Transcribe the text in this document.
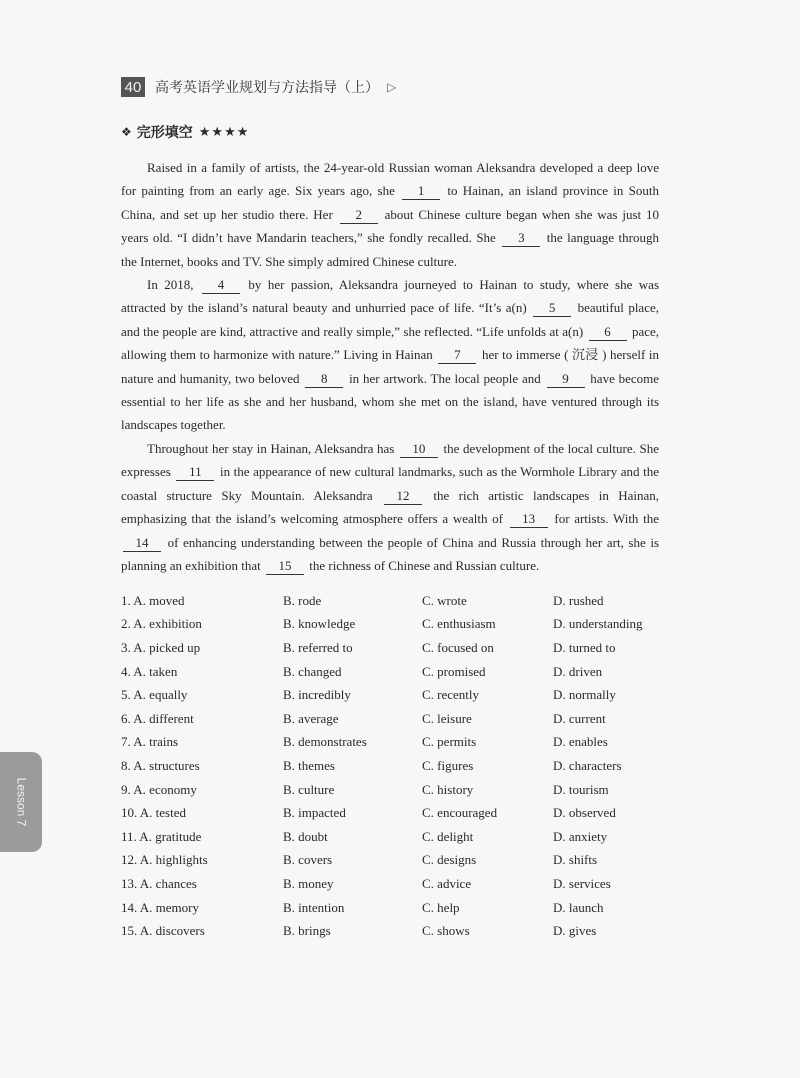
40 高考英语学业规划与方法指导（上） ▷
❖ 完形填空 ★★★★

Raised in a family of artists, the 24-year-old Russian woman Aleksandra developed a deep love for painting from an early age. Six years ago, she 1 to Hainan, an island province in South China, and set up her studio there. Her 2 about Chinese culture began when she was just 10 years old. “I didn’t have Mandarin teachers,” she fondly recalled. She 3 the language through the Internet, books and TV. She simply admired Chinese culture.

In 2018, 4 by her passion, Aleksandra journeyed to Hainan to study, where she was attracted by the island’s natural beauty and unhurried pace of life. “It’s a(n) 5 beautiful place, and the people are kind, attractive and really simple,” she reflected. “Life unfolds at a(n) 6 pace, allowing them to harmonize with nature.” Living in Hainan 7 her to immerse ( 沉浸 ) herself in nature and humanity, two beloved 8 in her artwork. The local people and 9 have become essential to her life as she and her husband, whom she met on the island, have ventured through its landscapes together.

Throughout her stay in Hainan, Aleksandra has 10 the development of the local culture. She expresses 11 in the appearance of new cultural landmarks, such as the Wormhole Library and the coastal structure Sky Mountain. Aleksandra 12 the rich artistic landscapes in Hainan, emphasizing that the island’s welcoming atmosphere offers a wealth of 13 for artists. With the 14 of enhancing understanding between the people of China and Russia through her art, she is planning an exhibition that 15 the richness of Chinese and Russian culture.

1. A. moved	B. rode	C. wrote	D. rushed
2. A. exhibition	B. knowledge	C. enthusiasm	D. understanding
3. A. picked up	B. referred to	C. focused on	D. turned to
4. A. taken	B. changed	C. promised	D. driven
5. A. equally	B. incredibly	C. recently	D. normally
6. A. different	B. average	C. leisure	D. current
7. A. trains	B. demonstrates	C. permits	D. enables
8. A. structures	B. themes	C. figures	D. characters
9. A. economy	B. culture	C. history	D. tourism
10. A. tested	B. impacted	C. encouraged	D. observed
11. A. gratitude	B. doubt	C. delight	D. anxiety
12. A. highlights	B. covers	C. designs	D. shifts
13. A. chances	B. money	C. advice	D. services
14. A. memory	B. intention	C. help	D. launch
15. A. discovers	B. brings	C. shows	D. gives
Lesson 7
